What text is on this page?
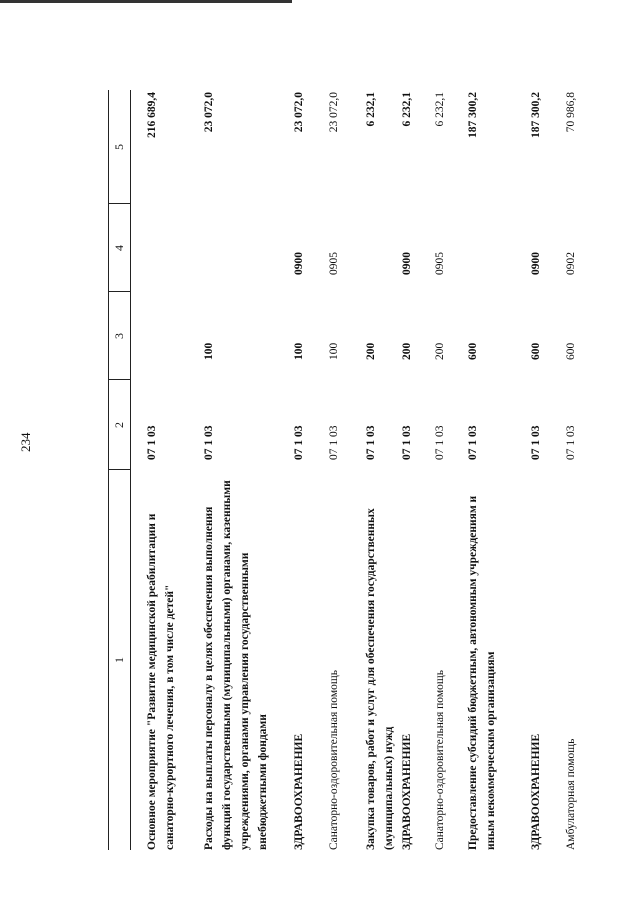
234
1
2
3
4
5
Основное мероприятие "Развитие медицинской реабилитации и санаторно-курортного лечения, в том числе детей"
07 1 03
216 689,4
Расходы на выплаты персоналу в целях обеспечения выполнения функций государственными (муниципальными) органами, казенными учреждениями, органами управления государственными внебюджетными фондами
07 1 03
100
23 072,0
ЗДРАВООХРАНЕНИЕ
07 1 03
100
0900
23 072,0
Санаторно-оздоровительная помощь
07 1 03
100
0905
23 072,0
Закупка товаров, работ и услуг для обеспечения государственных (муниципальных) нужд
07 1 03
200
6 232,1
ЗДРАВООХРАНЕНИЕ
07 1 03
200
0900
6 232,1
Санаторно-оздоровительная помощь
07 1 03
200
0905
6 232,1
Предоставление субсидий бюджетным, автономным учреждениям и иным некоммерческим организациям
07 1 03
600
187 300,2
ЗДРАВООХРАНЕНИЕ
07 1 03
600
0900
187 300,2
Амбулаторная помощь
07 1 03
600
0902
70 986,8
